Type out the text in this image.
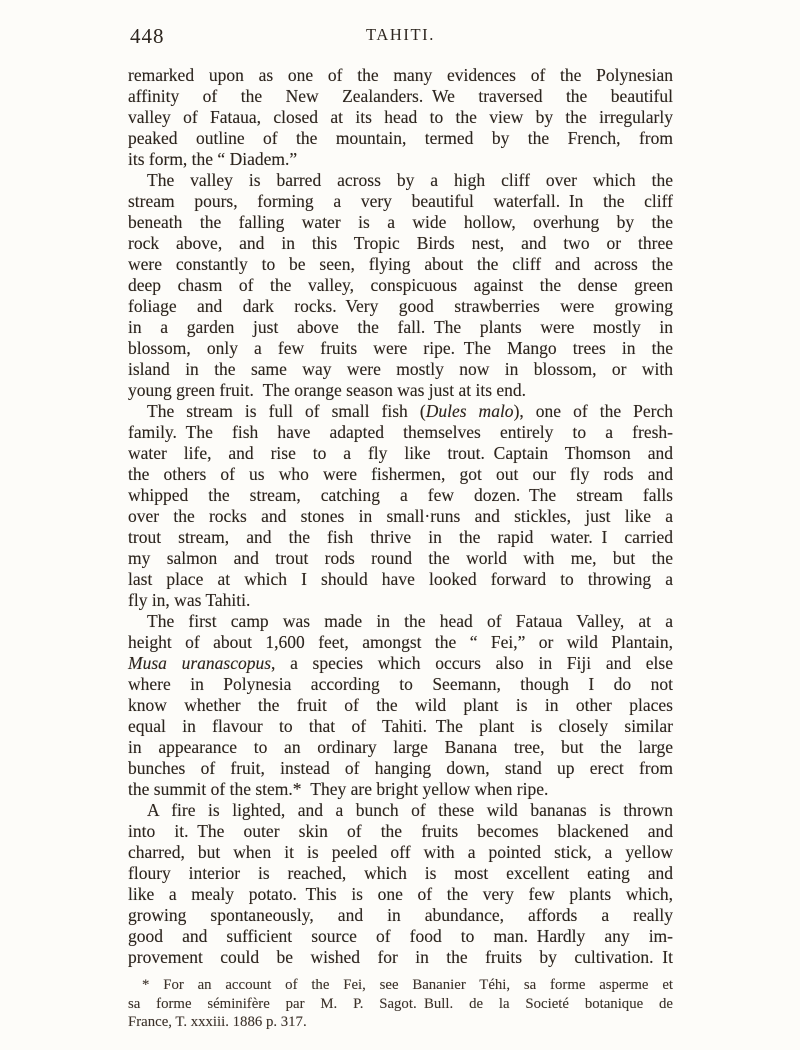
448	TAHITI.
remarked upon as one of the many evidences of the Polynesian
affinity of the New Zealanders. We traversed the beautiful
valley of Fataua, closed at its head to the view by the irregularly
peaked outline of the mountain, termed by the French, from
its form, the “ Diadem.”
The valley is barred across by a high cliff over which the
stream pours, forming a very beautiful waterfall. In the cliff
beneath the falling water is a wide hollow, overhung by the
rock above, and in this Tropic Birds nest, and two or three
were constantly to be seen, flying about the cliff and across the
deep chasm of the valley, conspicuous against the dense green
foliage and dark rocks. Very good strawberries were growing
in a garden just above the fall. The plants were mostly in
blossom, only a few fruits were ripe. The Mango trees in the
island in the same way were mostly now in blossom, or with
young green fruit. The orange season was just at its end.
The stream is full of small fish (Dules malo), one of the Perch
family. The fish have adapted themselves entirely to a fresh-
water life, and rise to a fly like trout. Captain Thomson and
the others of us who were fishermen, got out our fly rods and
whipped the stream, catching a few dozen. The stream falls
over the rocks and stones in small·runs and stickles, just like a
trout stream, and the fish thrive in the rapid water. I carried
my salmon and trout rods round the world with me, but the
last place at which I should have looked forward to throwing a
fly in, was Tahiti.
The first camp was made in the head of Fataua Valley, at a
height of about 1,600 feet, amongst the “ Fei,” or wild Plantain,
Musa uranascopus, a species which occurs also in Fiji and else
where in Polynesia according to Seemann, though I do not
know whether the fruit of the wild plant is in other places
equal in flavour to that of Tahiti. The plant is closely similar
in appearance to an ordinary large Banana tree, but the large
bunches of fruit, instead of hanging down, stand up erect from
the summit of the stem.* They are bright yellow when ripe.
A fire is lighted, and a bunch of these wild bananas is thrown
into it. The outer skin of the fruits becomes blackened and
charred, but when it is peeled off with a pointed stick, a yellow
floury interior is reached, which is most excellent eating and
like a mealy potato. This is one of the very few plants which,
growing spontaneously, and in abundance, affords a really
good and sufficient source of food to man. Hardly any im-
provement could be wished for in the fruits by cultivation. It
* For an account of the Fei, see Bananier Téhi, sa forme asperme et
sa forme séminifère par M. P. Sagot. Bull. de la Societé botanique de
France, T. xxxiii. 1886 p. 317.
